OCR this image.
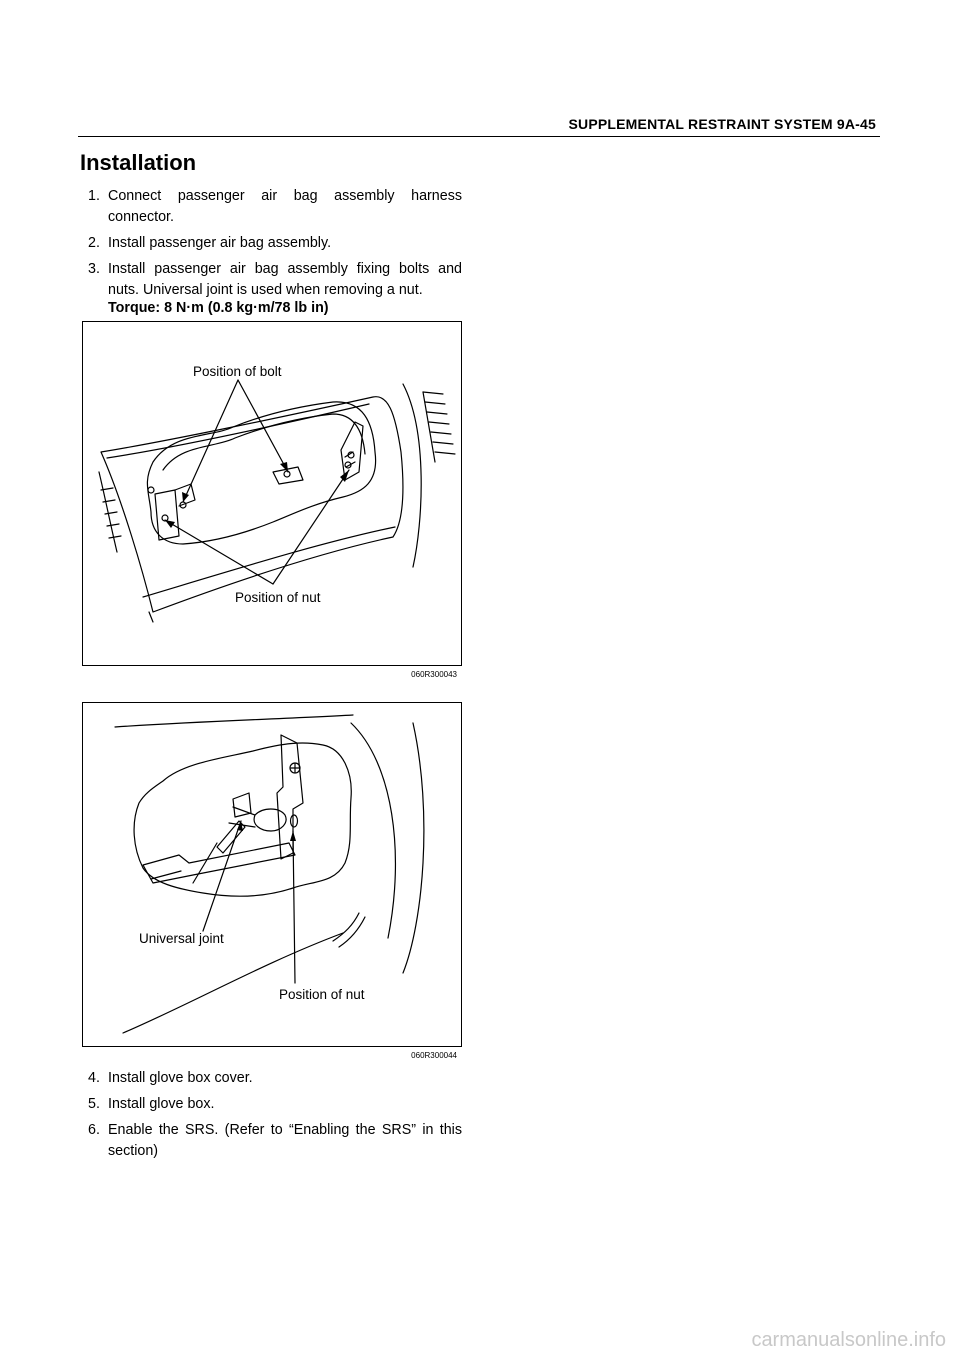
SUPPLEMENTAL RESTRAINT SYSTEM 9A-45
Installation
1. Connect passenger air bag assembly harness connector.
2. Install passenger air bag assembly.
3. Install passenger air bag assembly fixing bolts and nuts. Universal joint is used when removing a nut.
Torque: 8 N·m (0.8 kg·m/78 lb in)
Position of bolt
Position of nut
060R300043
Universal joint
Position of nut
060R300044
4. Install glove box cover.
5. Install glove box.
6. Enable the SRS. (Refer to “Enabling the SRS” in this section)
carmanualsonline.info
